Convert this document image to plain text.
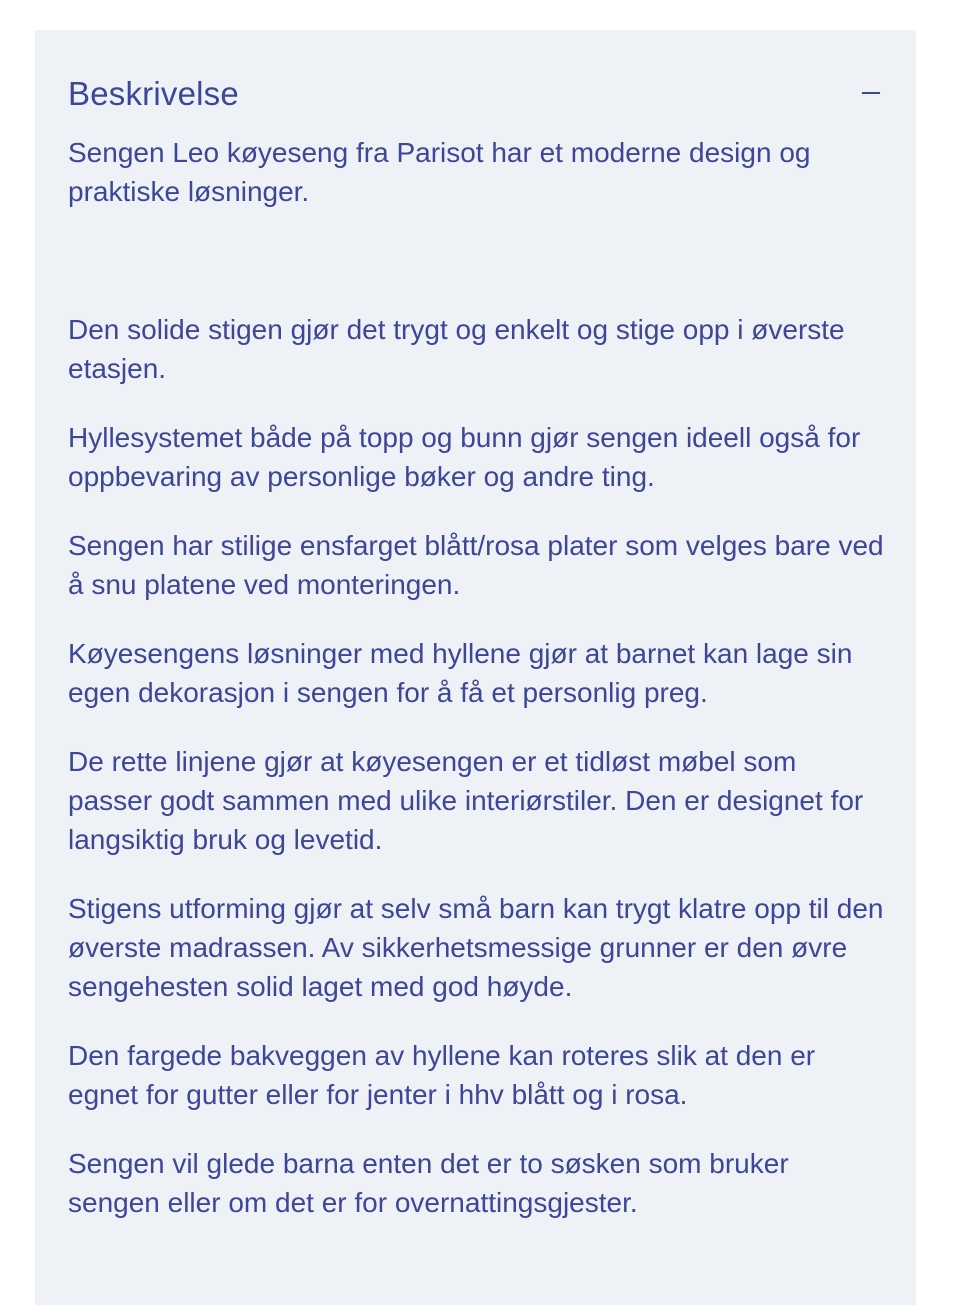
Beskrivelse

Sengen Leo køyeseng fra Parisot har et moderne design og praktiske løsninger.

Den solide stigen gjør det trygt og enkelt og stige opp i øverste etasjen.

Hyllesystemet både på topp og bunn gjør sengen ideell også for oppbevaring av personlige bøker og andre ting.

Sengen har stilige ensfarget blått/rosa plater som velges bare ved å snu platene ved monteringen.

Køyesengens løsninger med hyllene gjør at barnet kan lage sin egen dekorasjon i sengen for å få et personlig preg.

De rette linjene gjør at køyesengen er et tidløst møbel som passer godt sammen med ulike interiørstiler. Den er designet for langsiktig bruk og levetid.

Stigens utforming gjør at selv små barn kan trygt klatre opp til den øverste madrassen. Av sikkerhetsmessige grunner er den øvre sengehesten solid laget med god høyde.

Den fargede bakveggen av hyllene kan roteres slik at den er egnet for gutter eller for jenter i hhv blått og i rosa.

Sengen vil glede barna enten det er to søsken som bruker sengen eller om det er for overnattingsgjester.
